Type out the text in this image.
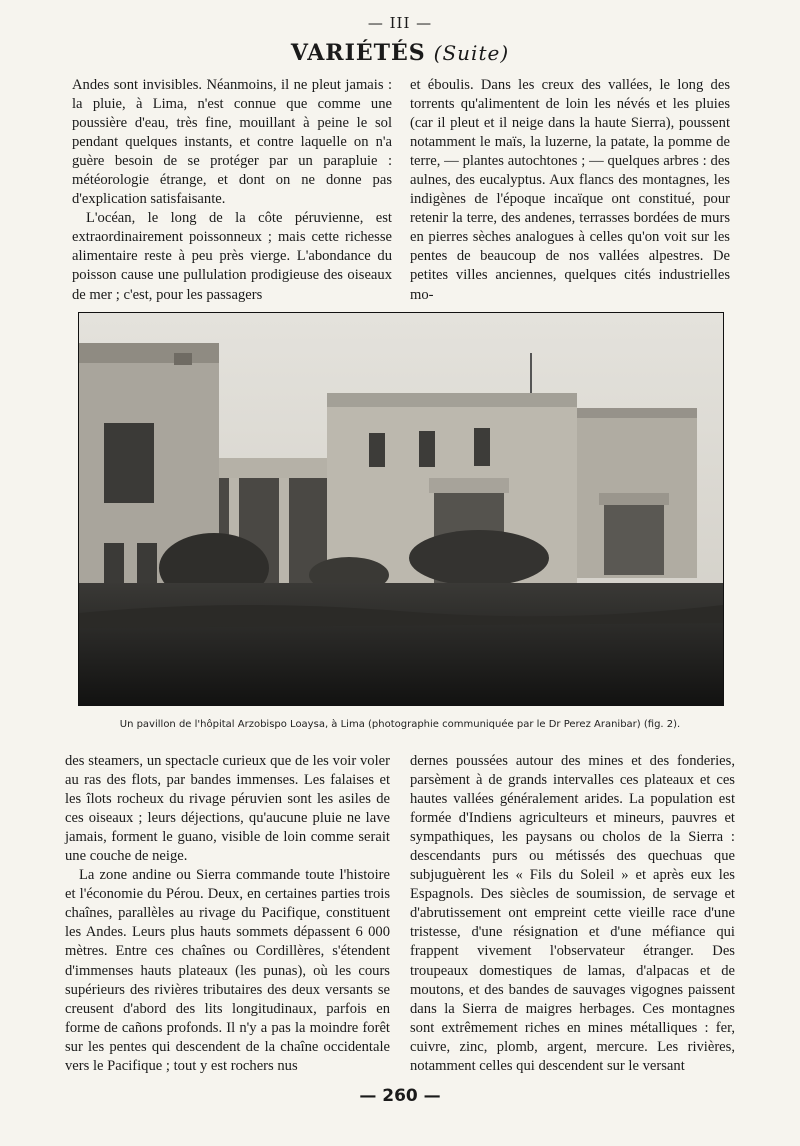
— III —
VARIÉTÉS (Suite)

Andes sont invisibles. Néanmoins, il ne pleut jamais : la pluie, à Lima, n'est connue que comme une poussière d'eau, très fine, mouillant à peine le sol pendant quelques instants, et contre laquelle on n'a guère besoin de se protéger par un parapluie : météorologie étrange, et dont on ne donne pas d'explication satisfaisante.

L'océan, le long de la côte péruvienne, est extraordinairement poissonneux ; mais cette richesse alimentaire reste à peu près vierge. L'abondance du poisson cause une pullulation prodigieuse des oiseaux de mer ; c'est, pour les passagers

et éboulis. Dans les creux des vallées, le long des torrents qu'alimentent de loin les névés et les pluies (car il pleut et il neige dans la haute Sierra), poussent notamment le maïs, la luzerne, la patate, la pomme de terre, — plantes autochtones ; — quelques arbres : des aulnes, des eucalyptus. Aux flancs des montagnes, les indigènes de l'époque incaïque ont constitué, pour retenir la terre, des andenes, terrasses bordées de murs en pierres sèches analogues à celles qu'on voit sur les pentes de beaucoup de nos vallées alpestres. De petites villes anciennes, quelques cités industrielles mo-

Un pavillon de l'hôpital Arzobispo Loaysa, à Lima (photographie communiquée par le Dr Perez Aranibar) (fig. 2).

des steamers, un spectacle curieux que de les voir voler au ras des flots, par bandes immenses. Les falaises et les îlots rocheux du rivage péruvien sont les asiles de ces oiseaux ; leurs déjections, qu'aucune pluie ne lave jamais, forment le guano, visible de loin comme serait une couche de neige.

La zone andine ou Sierra commande toute l'histoire et l'économie du Pérou. Deux, en certaines parties trois chaînes, parallèles au rivage du Pacifique, constituent les Andes. Leurs plus hauts sommets dépassent 6 000 mètres. Entre ces chaînes ou Cordillères, s'étendent d'immenses hauts plateaux (les punas), où les cours supérieurs des rivières tributaires des deux versants se creusent d'abord des lits longitudinaux, parfois en forme de cañons profonds. Il n'y a pas la moindre forêt sur les pentes qui descendent de la chaîne occidentale vers le Pacifique ; tout y est rochers nus

dernes poussées autour des mines et des fonderies, parsèment à de grands intervalles ces plateaux et ces hautes vallées généralement arides. La population est formée d'Indiens agriculteurs et mineurs, pauvres et sympathiques, les paysans ou cholos de la Sierra : descendants purs ou métissés des quechuas que subjuguèrent les « Fils du Soleil » et après eux les Espagnols. Des siècles de soumission, de servage et d'abrutissement ont empreint cette vieille race d'une tristesse, d'une résignation et d'une méfiance qui frappent vivement l'observateur étranger. Des troupeaux domestiques de lamas, d'alpacas et de moutons, et des bandes de sauvages vigognes paissent dans la Sierra de maigres herbages. Ces montagnes sont extrêmement riches en mines métalliques : fer, cuivre, zinc, plomb, argent, mercure. Les rivières, notamment celles qui descendent sur le versant

— 260 —
